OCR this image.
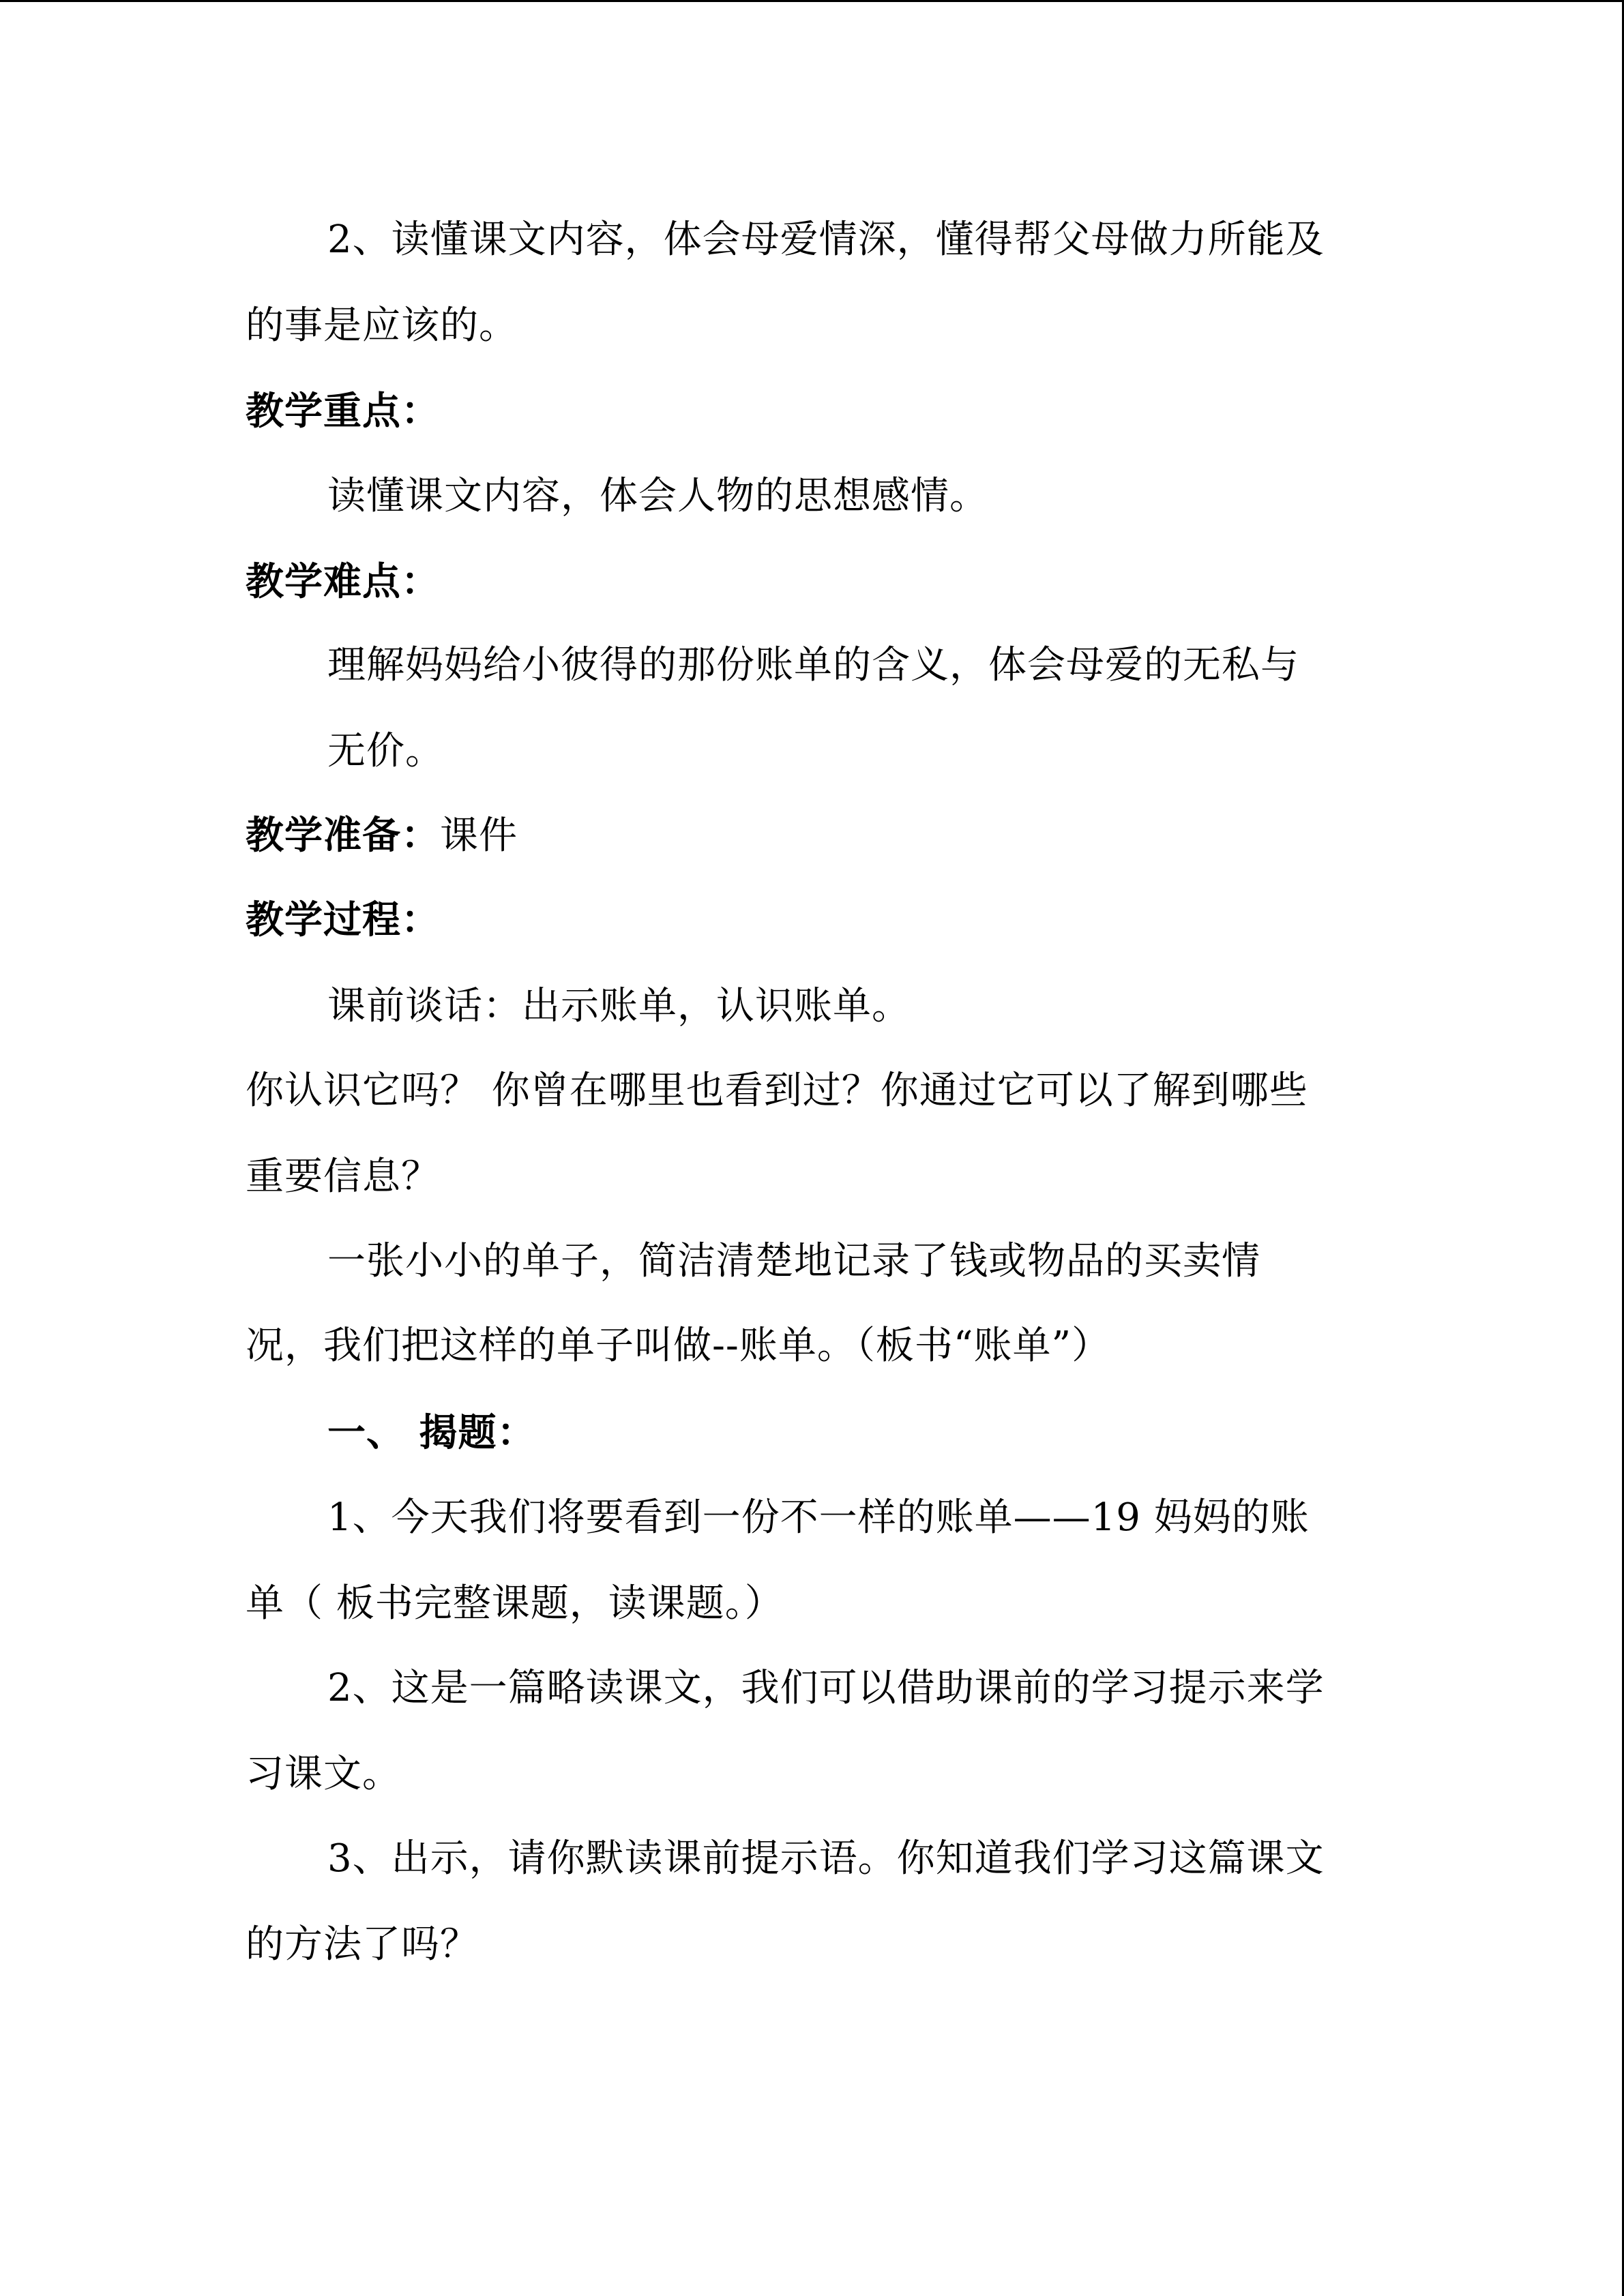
2、读懂课文内容，体会母爱情深，懂得帮父母做力所能及
的事是应该的。
教学重点：
读懂课文内容，体会人物的思想感情。
教学难点：
理解妈妈给小彼得的那份账单的含义，体会母爱的无私与
无价。
教学准备：课件
教学过程：
课前谈话：出示账单，认识账单。
你认识它吗？ 你曾在哪里也看到过？你通过它可以了解到哪些
重要信息？
一张小小的单子，简洁清楚地记录了钱或物品的买卖情
况，我们把这样的单子叫做--账单。（板书“账单”）
一、 揭题：
1、今天我们将要看到一份不一样的账单——19 妈妈的账
单（ 板书完整课题，读课题。）
2、这是一篇略读课文，我们可以借助课前的学习提示来学
习课文。
3、出示，请你默读课前提示语。你知道我们学习这篇课文
的方法了吗？
